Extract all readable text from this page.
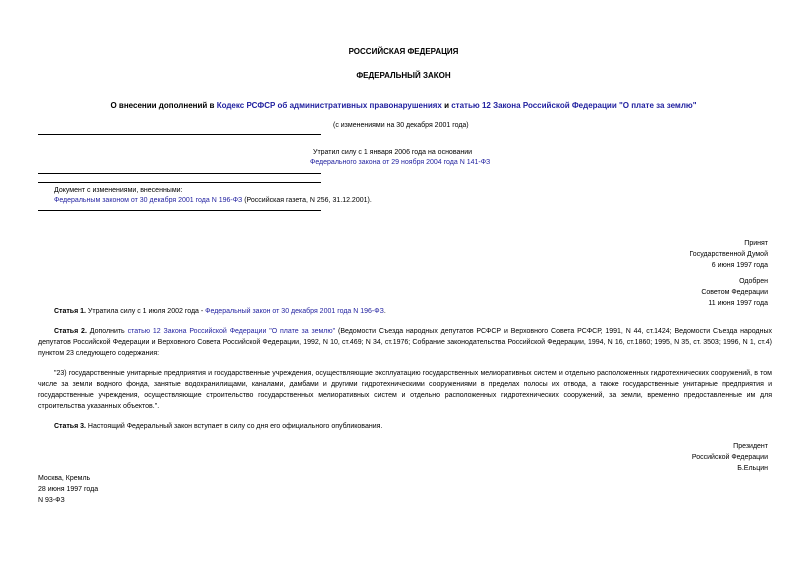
РОССИЙСКАЯ ФЕДЕРАЦИЯ
ФЕДЕРАЛЬНЫЙ ЗАКОН
О внесении дополнений в Кодекс РСФСР об административных правонарушениях и статью 12 Закона Российской Федерации "О плате за землю"
(с изменениями на 30 декабря 2001 года)
Утратил силу с 1 января 2006 года на основании
Федерального закона от 29 ноября 2004 года N 141-ФЗ
Документ с изменениями, внесенными:
Федеральным законом от 30 декабря 2001 года N 196-ФЗ (Российская газета, N 256, 31.12.2001).
Принят
Государственной Думой
6 июня 1997 года
Одобрен
Советом Федерации
11 июня 1997 года
Статья 1. Утратила силу с 1 июля 2002 года - Федеральный закон от 30 декабря 2001 года N 196-ФЗ.
Статья 2. Дополнить статью 12 Закона Российской Федерации "О плате за землю" (Ведомости Съезда народных депутатов РСФСР и Верховного Совета РСФСР, 1991, N 44, ст.1424; Ведомости Съезда народных депутатов Российской Федерации и Верховного Совета Российской Федерации, 1992, N 10, ст.469; N 34, ст.1976; Собрание законодательства Российской Федерации, 1994, N 16, ст.1860; 1995, N 35, ст. 3503; 1996, N 1, ст.4) пунктом 23 следующего содержания:
"23) государственные унитарные предприятия и государственные учреждения, осуществляющие эксплуатацию государственных мелиоративных систем и отдельно расположенных гидротехнических сооружений, в том числе за земли водного фонда, занятые водохранилищами, каналами, дамбами и другими гидротехническими сооружениями в пределах полосы их отвода, а также государственные унитарные предприятия и государственные учреждения, осуществляющие строительство государственных мелиоративных систем и отдельно расположенных гидротехнических сооружений, за земли, временно предоставленные им для строительства указанных объектов.".
Статья 3. Настоящий Федеральный закон вступает в силу со дня его официального опубликования.
Президент
Российской Федерации
Б.Ельцин
Москва, Кремль
28 июня 1997 года
N 93-ФЗ
